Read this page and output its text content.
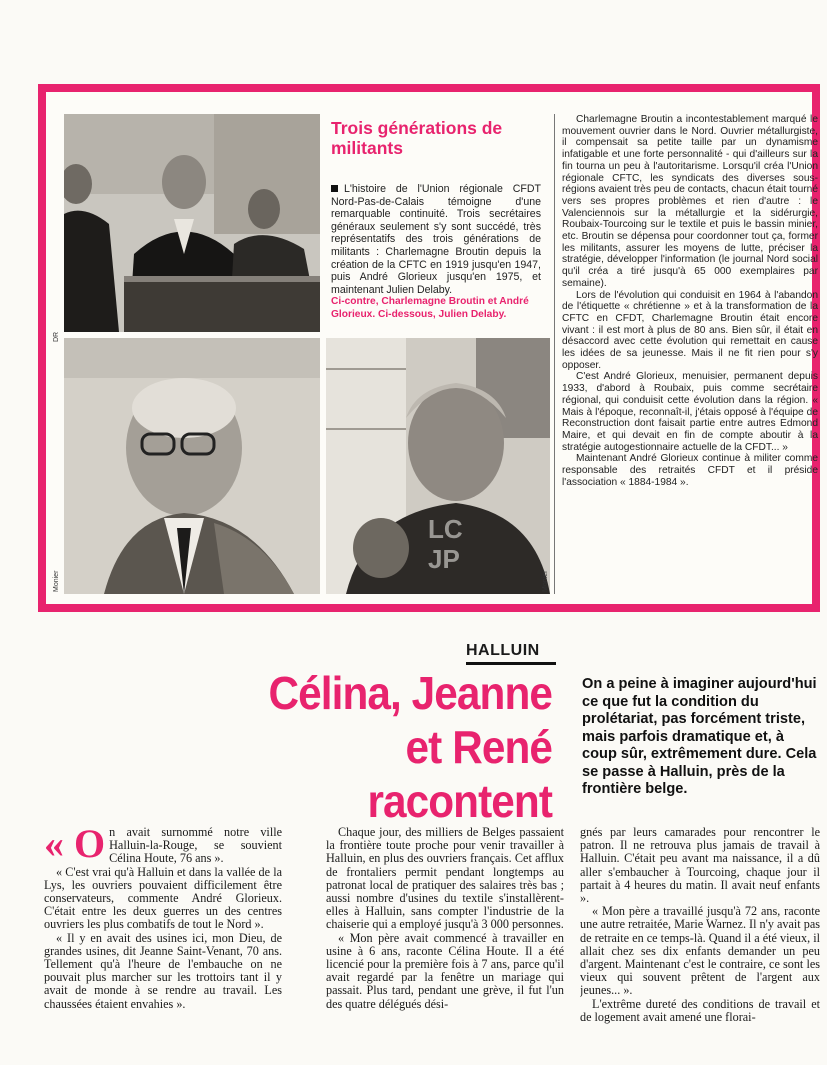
LC
JP
DR
Monier	Monier
Trois générations de militants
L'histoire de l'Union régionale CFDT Nord-Pas-de-Calais témoigne d'une remarquable continuité. Trois secrétaires généraux seulement s'y sont succédé, très représentatifs des trois générations de militants : Charlemagne Broutin depuis la création de la CFTC en 1919 jusqu'en 1947, puis André Glorieux jusqu'en 1975, et maintenant Julien Delaby.
Ci-contre, Charlemagne Broutin et André Glorieux. Ci-dessous, Julien Delaby.

Charlemagne Broutin a incontestablement marqué le mouvement ouvrier dans le Nord. Ouvrier métallurgiste, il compensait sa petite taille par un dynamisme infatigable et une forte personnalité - qui d'ailleurs sur la fin tourna un peu à l'autoritarisme. Lorsqu'il créa l'Union régionale CFTC, les syndicats des diverses sous-régions avaient très peu de contacts, chacun était tourné vers ses propres problèmes et rien d'autre : le Valenciennois sur la métallurgie et la sidérurgie, Roubaix-Tourcoing sur le textile et puis le bassin minier, etc. Broutin se dépensa pour coordonner tout ça, former les militants, assurer les moyens de lutte, préciser la stratégie, développer l'information (le journal Nord social qu'il créa a tiré jusqu'à 65 000 exemplaires par semaine).

Lors de l'évolution qui conduisit en 1964 à l'abandon de l'étiquette « chrétienne » et à la transformation de la CFTC en CFDT, Charlemagne Broutin était encore vivant : il est mort à plus de 80 ans. Bien sûr, il était en désaccord avec cette évolution qui remettait en cause les idées de sa jeunesse. Mais il ne fit rien pour s'y opposer.

C'est André Glorieux, menuisier, permanent depuis 1933, d'abord à Roubaix, puis comme secrétaire régional, qui conduisit cette évolution dans la région. « Mais à l'époque, reconnaît-il, j'étais opposé à l'équipe de Reconstruction dont faisait partie entre autres Edmond Maire, et qui devait en fin de compte aboutir à la stratégie autogestionnaire actuelle de la CFDT... »

Maintenant André Glorieux continue à militer comme responsable des retraités CFDT et il préside l'association « 1884-1984 ».

HALLUIN
Célina, Jeanne
et René
racontent
On a peine à imaginer aujourd'hui ce que fut la condition du prolétariat, pas forcément triste, mais parfois dramatique et, à coup sûr, extrêmement dure. Cela se passe à Halluin, près de la frontière belge.

« O n avait surnommé notre ville Halluin-la-Rouge, se souvient Célina Houte, 76 ans ».

« C'est vrai qu'à Halluin et dans la vallée de la Lys, les ouvriers pouvaient difficilement être conservateurs, commente André Glorieux. C'était entre les deux guerres un des centres ouvriers les plus combatifs de tout le Nord ».

« Il y en avait des usines ici, mon Dieu, de grandes usines, dit Jeanne Saint-Venant, 70 ans. Tellement qu'à l'heure de l'embauche on ne pouvait plus marcher sur les trottoirs tant il y avait de monde à se rendre au travail. Les chaussées étaient envahies ».

Chaque jour, des milliers de Belges passaient la frontière toute proche pour venir travailler à Halluin, en plus des ouvriers français. Cet afflux de frontaliers permit pendant longtemps au patronat local de pratiquer des salaires très bas ; aussi nombre d'usines du textile s'installèrent-elles à Halluin, sans compter l'industrie de la chaiserie qui a employé jusqu'à 3 000 personnes.

« Mon père avait commencé à travailler en usine à 6 ans, raconte Célina Houte. Il a été licencié pour la première fois à 7 ans, parce qu'il avait regardé par la fenêtre un mariage qui passait. Plus tard, pendant une grève, il fut l'un des quatre délégués dési-

gnés par leurs camarades pour rencontrer le patron. Il ne retrouva plus jamais de travail à Halluin. C'était peu avant ma naissance, il a dû aller s'embaucher à Tourcoing, chaque jour il partait à 4 heures du matin. Il avait neuf enfants ».

« Mon père a travaillé jusqu'à 72 ans, raconte une autre retraitée, Marie Warnez. Il n'y avait pas de retraite en ce temps-là. Quand il a été vieux, il allait chez ses dix enfants demander un peu d'argent. Maintenant c'est le contraire, ce sont les vieux qui souvent prêtent de l'argent aux jeunes... ».

L'extrême dureté des conditions de travail et de logement avait amené une florai-
